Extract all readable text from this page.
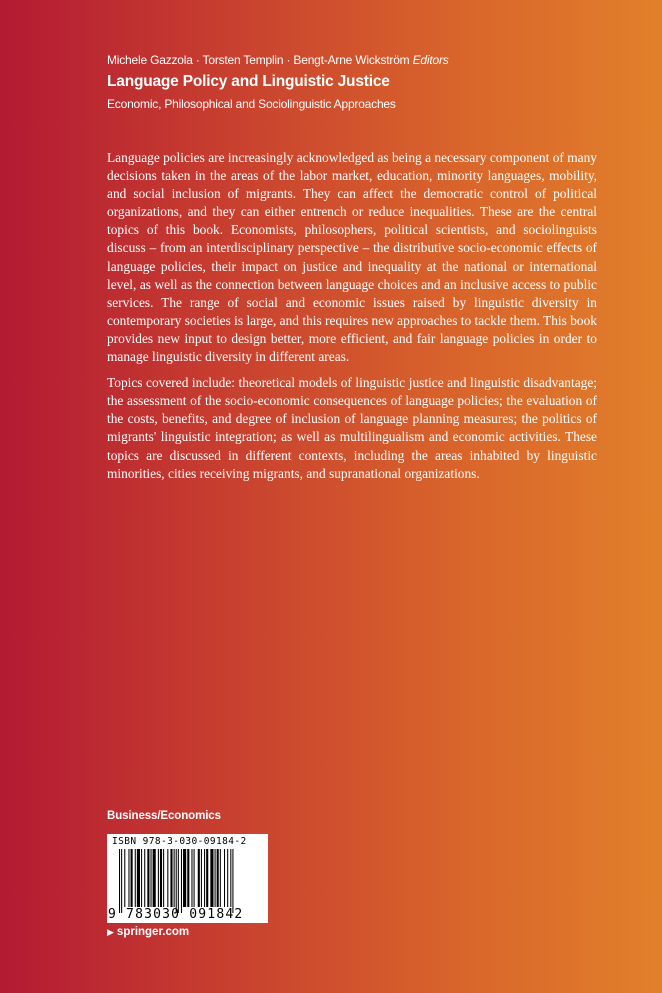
Michele Gazzola · Torsten Templin · Bengt-Arne Wickström Editors
Language Policy and Linguistic Justice
Economic, Philosophical and Sociolinguistic Approaches

Language policies are increasingly acknowledged as being a necessary component of many decisions taken in the areas of the labor market, education, minority languages, mobility, and social inclusion of migrants. They can affect the democratic control of political organizations, and they can either entrench or reduce inequalities. These are the central topics of this book. Economists, philosophers, political scientists, and sociolinguists discuss – from an interdisciplinary perspective – the distributive socio-economic effects of language policies, their impact on justice and inequality at the national or international level, as well as the connection between language choices and an inclusive access to public services. The range of social and economic issues raised by linguistic diversity in contemporary societies is large, and this requires new approaches to tackle them. This book provides new input to design better, more efficient, and fair language policies in order to manage linguistic diversity in different areas.

Topics covered include: theoretical models of linguistic justice and linguistic disadvantage; the assessment of the socio-economic consequences of language policies; the evaluation of the costs, benefits, and degree of inclusion of language planning measures; the politics of migrants' linguistic integration; as well as multilingualism and economic activities. These topics are discussed in different contexts, including the areas inhabited by linguistic minorities, cities receiving migrants, and supranational organizations.

Business/Economics
ISBN 978-3-030-09184-2
9 783030 091842
▶ springer.com
